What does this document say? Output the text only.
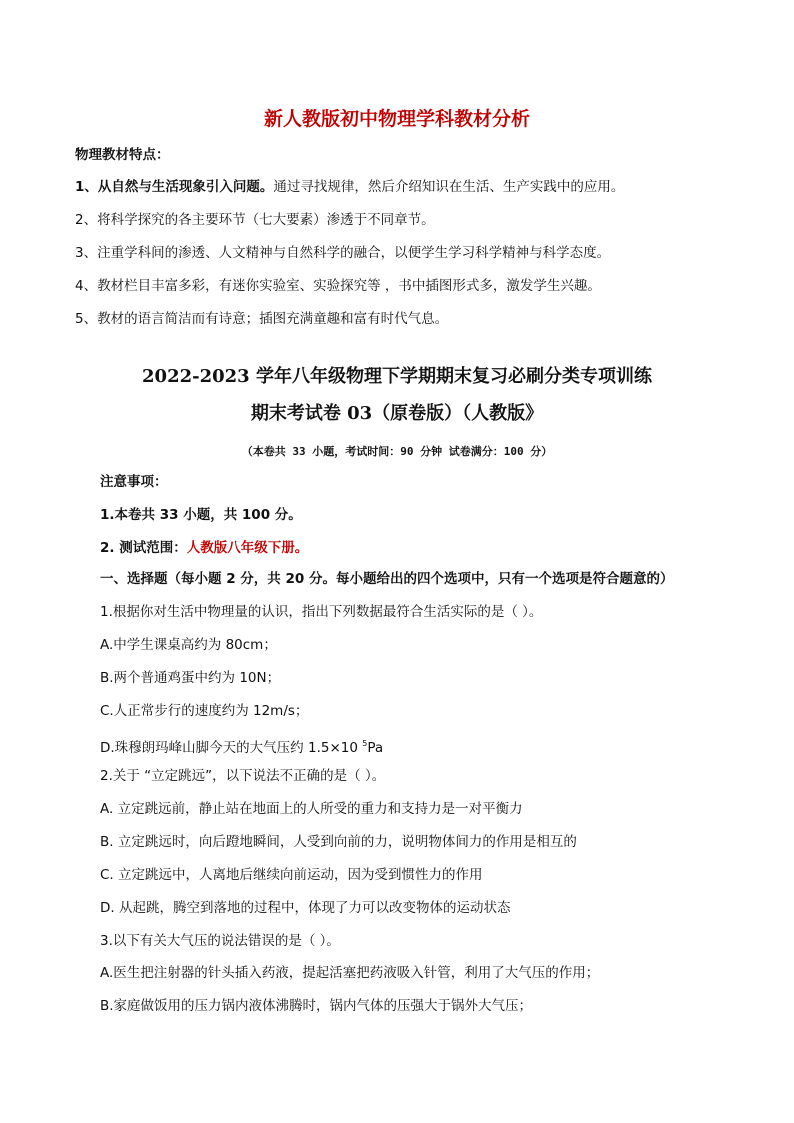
新人教版初中物理学科教材分析
物理教材特点：
1、从自然与生活现象引入问题。通过寻找规律，然后介绍知识在生活、生产实践中的应用。
2、将科学探究的各主要环节（七大要素）渗透于不同章节。
3、注重学科间的渗透、人文精神与自然科学的融合，以便学生学习科学精神与科学态度。
4、教材栏目丰富多彩，有迷你实验室、实验探究等 ，书中插图形式多，激发学生兴趣。
5、教材的语言简洁而有诗意；插图充满童趣和富有时代气息。
2022-2023 学年八年级物理下学期期末复习必刷分类专项训练
期末考试卷 03（原卷版）（人教版》
（本卷共 33 小题，考试时间：90 分钟 试卷满分：100 分）
注意事项：
1.本卷共 33 小题，共 100 分。
2. 测试范围：人教版八年级下册。
一、选择题（每小题 2 分，共 20 分。每小题给出的四个选项中，只有一个选项是符合题意的）
1.根据你对生活中物理量的认识，指出下列数据最符合生活实际的是（ ）。
A.中学生课桌高约为 80cm；
B.两个普通鸡蛋中约为 10N；
C.人正常步行的速度约为 12m/s；
D.珠穆朗玛峰山脚今天的大气压约 1.5×10 $^5$Pa
2.关于 “立定跳远”，以下说法不正确的是（ ）。
A. 立定跳远前，静止站在地面上的人所受的重力和支持力是一对平衡力
B. 立定跳远时，向后蹬地瞬间，人受到向前的力，说明物体间力的作用是相互的
C. 立定跳远中，人离地后继续向前运动，因为受到惯性力的作用
D. 从起跳，腾空到落地的过程中，体现了力可以改变物体的运动状态
3.以下有关大气压的说法错误的是（ ）。
A.医生把注射器的针头插入药液，提起活塞把药液吸入针管，利用了大气压的作用；
B.家庭做饭用的压力锅内液体沸腾时，锅内气体的压强大于锅外大气压；
